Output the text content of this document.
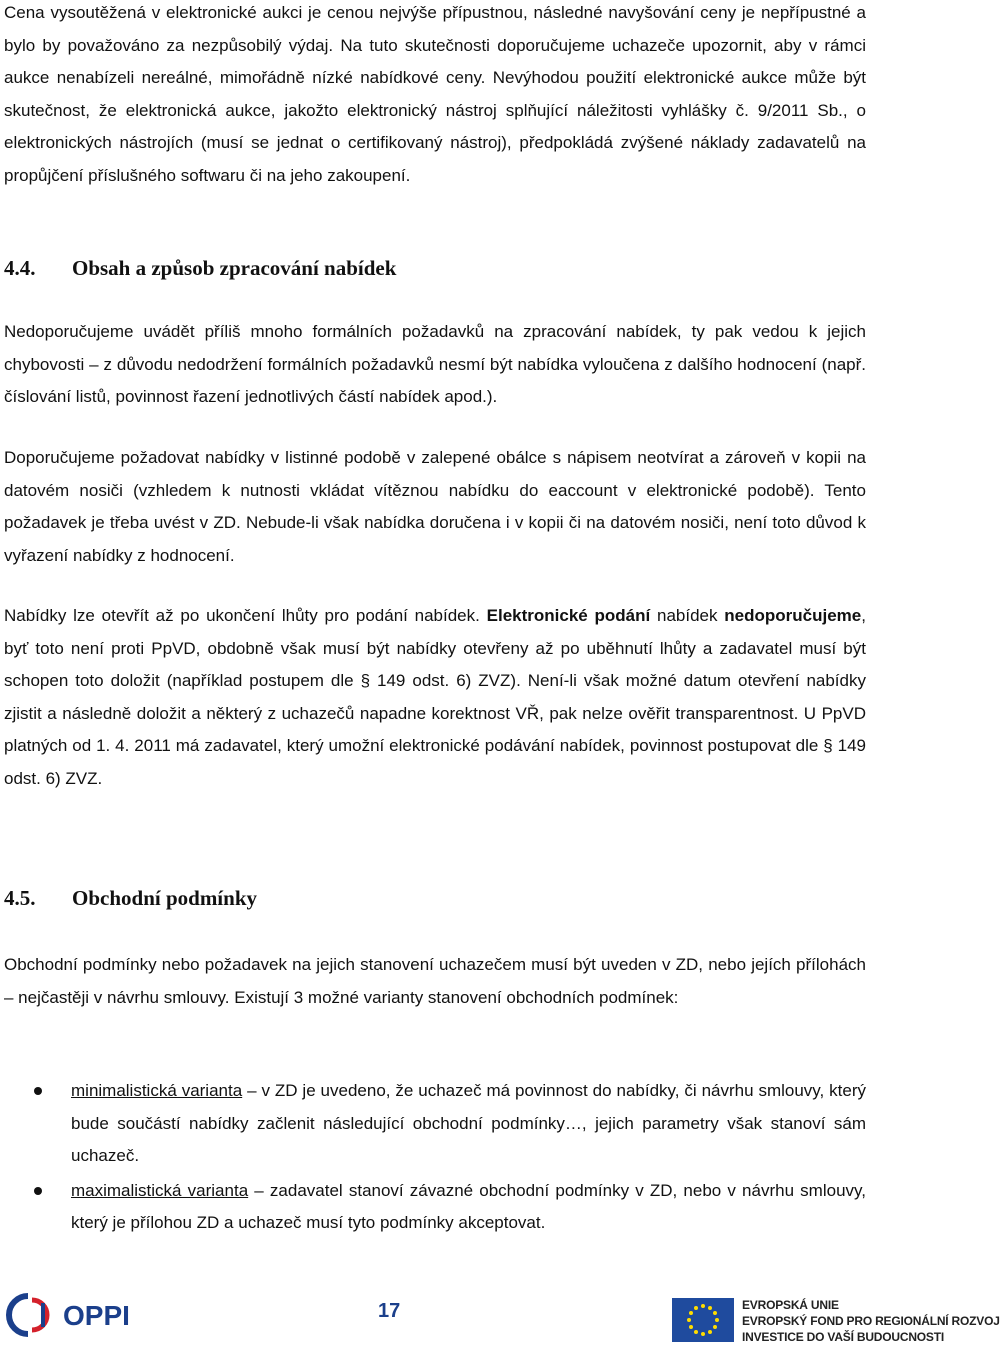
Cena vysoutěžená v elektronické aukci je cenou nejvýše přípustnou, následné navyšování ceny je nepřípustné a bylo by považováno za nezpůsobilý výdaj. Na tuto skutečnosti doporučujeme uchazeče upozornit, aby v rámci aukce nenabízeli nereálné, mimořádně nízké nabídkové ceny. Nevýhodou použití elektronické aukce může být skutečnost, že elektronická aukce, jakožto elektronický nástroj splňující náležitosti vyhlášky č. 9/2011 Sb., o elektronických nástrojích (musí se jednat o certifikovaný nástroj), předpokládá zvýšené náklady zadavatelů na propůjčení příslušného softwaru či na jeho zakoupení.

4.4. Obsah a způsob zpracování nabídek

Nedoporučujeme uvádět příliš mnoho formálních požadavků na zpracování nabídek, ty pak vedou k jejich chybovosti – z důvodu nedodržení formálních požadavků nesmí být nabídka vyloučena z dalšího hodnocení (např. číslování listů, povinnost řazení jednotlivých částí nabídek apod.).

Doporučujeme požadovat nabídky v listinné podobě v zalepené obálce s nápisem neotvírat a zároveň v kopii na datovém nosiči (vzhledem k nutnosti vkládat vítěznou nabídku do eaccount v elektronické podobě). Tento požadavek je třeba uvést v ZD. Nebude-li však nabídka doručena i v kopii či na datovém nosiči, není toto důvod k vyřazení nabídky z hodnocení.

Nabídky lze otevřít až po ukončení lhůty pro podání nabídek. Elektronické podání nabídek nedoporučujeme, byť toto není proti PpVD, obdobně však musí být nabídky otevřeny až po uběhnutí lhůty a zadavatel musí být schopen toto doložit (například postupem dle § 149 odst. 6) ZVZ). Není-li však možné datum otevření nabídky zjistit a následně doložit a některý z uchazečů napadne korektnost VŘ, pak nelze ověřit transparentnost. U PpVD platných od 1. 4. 2011 má zadavatel, který umožní elektronické podávání nabídek, povinnost postupovat dle § 149 odst. 6) ZVZ.

4.5. Obchodní podmínky

Obchodní podmínky nebo požadavek na jejich stanovení uchazečem musí být uveden v ZD, nebo jejích přílohách – nejčastěji v návrhu smlouvy. Existují 3 možné varianty stanovení obchodních podmínek:

minimalistická varianta – v ZD je uvedeno, že uchazeč má povinnost do nabídky, či návrhu smlouvy, který bude součástí nabídky začlenit následující obchodní podmínky…, jejich parametry však stanoví sám uchazeč.
maximalistická varianta – zadavatel stanoví závazné obchodní podmínky v ZD, nebo v návrhu smlouvy, který je přílohou ZD a uchazeč musí tyto podmínky akceptovat.
OPPI	17	EVROPSKÁ UNIE
EVROPSKÝ FOND PRO REGIONÁLNÍ ROZVOJ
INVESTICE DO VAŠÍ BUDOUCNOSTI
